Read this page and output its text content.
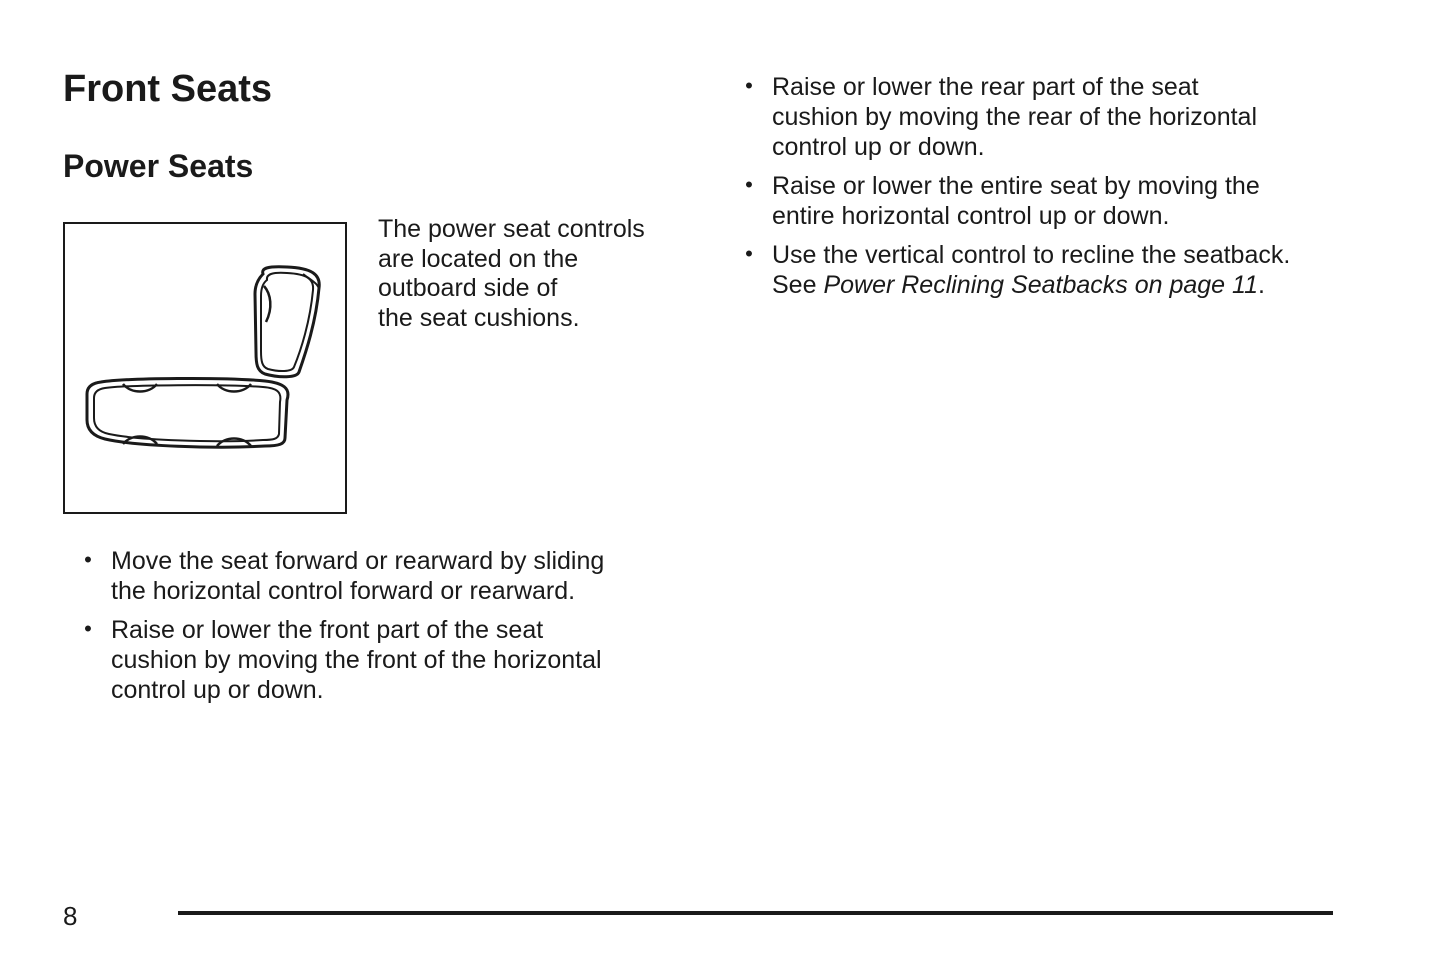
Front Seats
Power Seats
The power seat controls
are located on the
outboard side of
the seat cushions.
• Move the seat forward or rearward by sliding
the horizontal control forward or rearward.
• Raise or lower the front part of the seat
cushion by moving the front of the horizontal
control up or down.
• Raise or lower the rear part of the seat
cushion by moving the rear of the horizontal
control up or down.
• Raise or lower the entire seat by moving the
entire horizontal control up or down.
• Use the vertical control to recline the seatback.
See Power Reclining Seatbacks on page 11.
8
